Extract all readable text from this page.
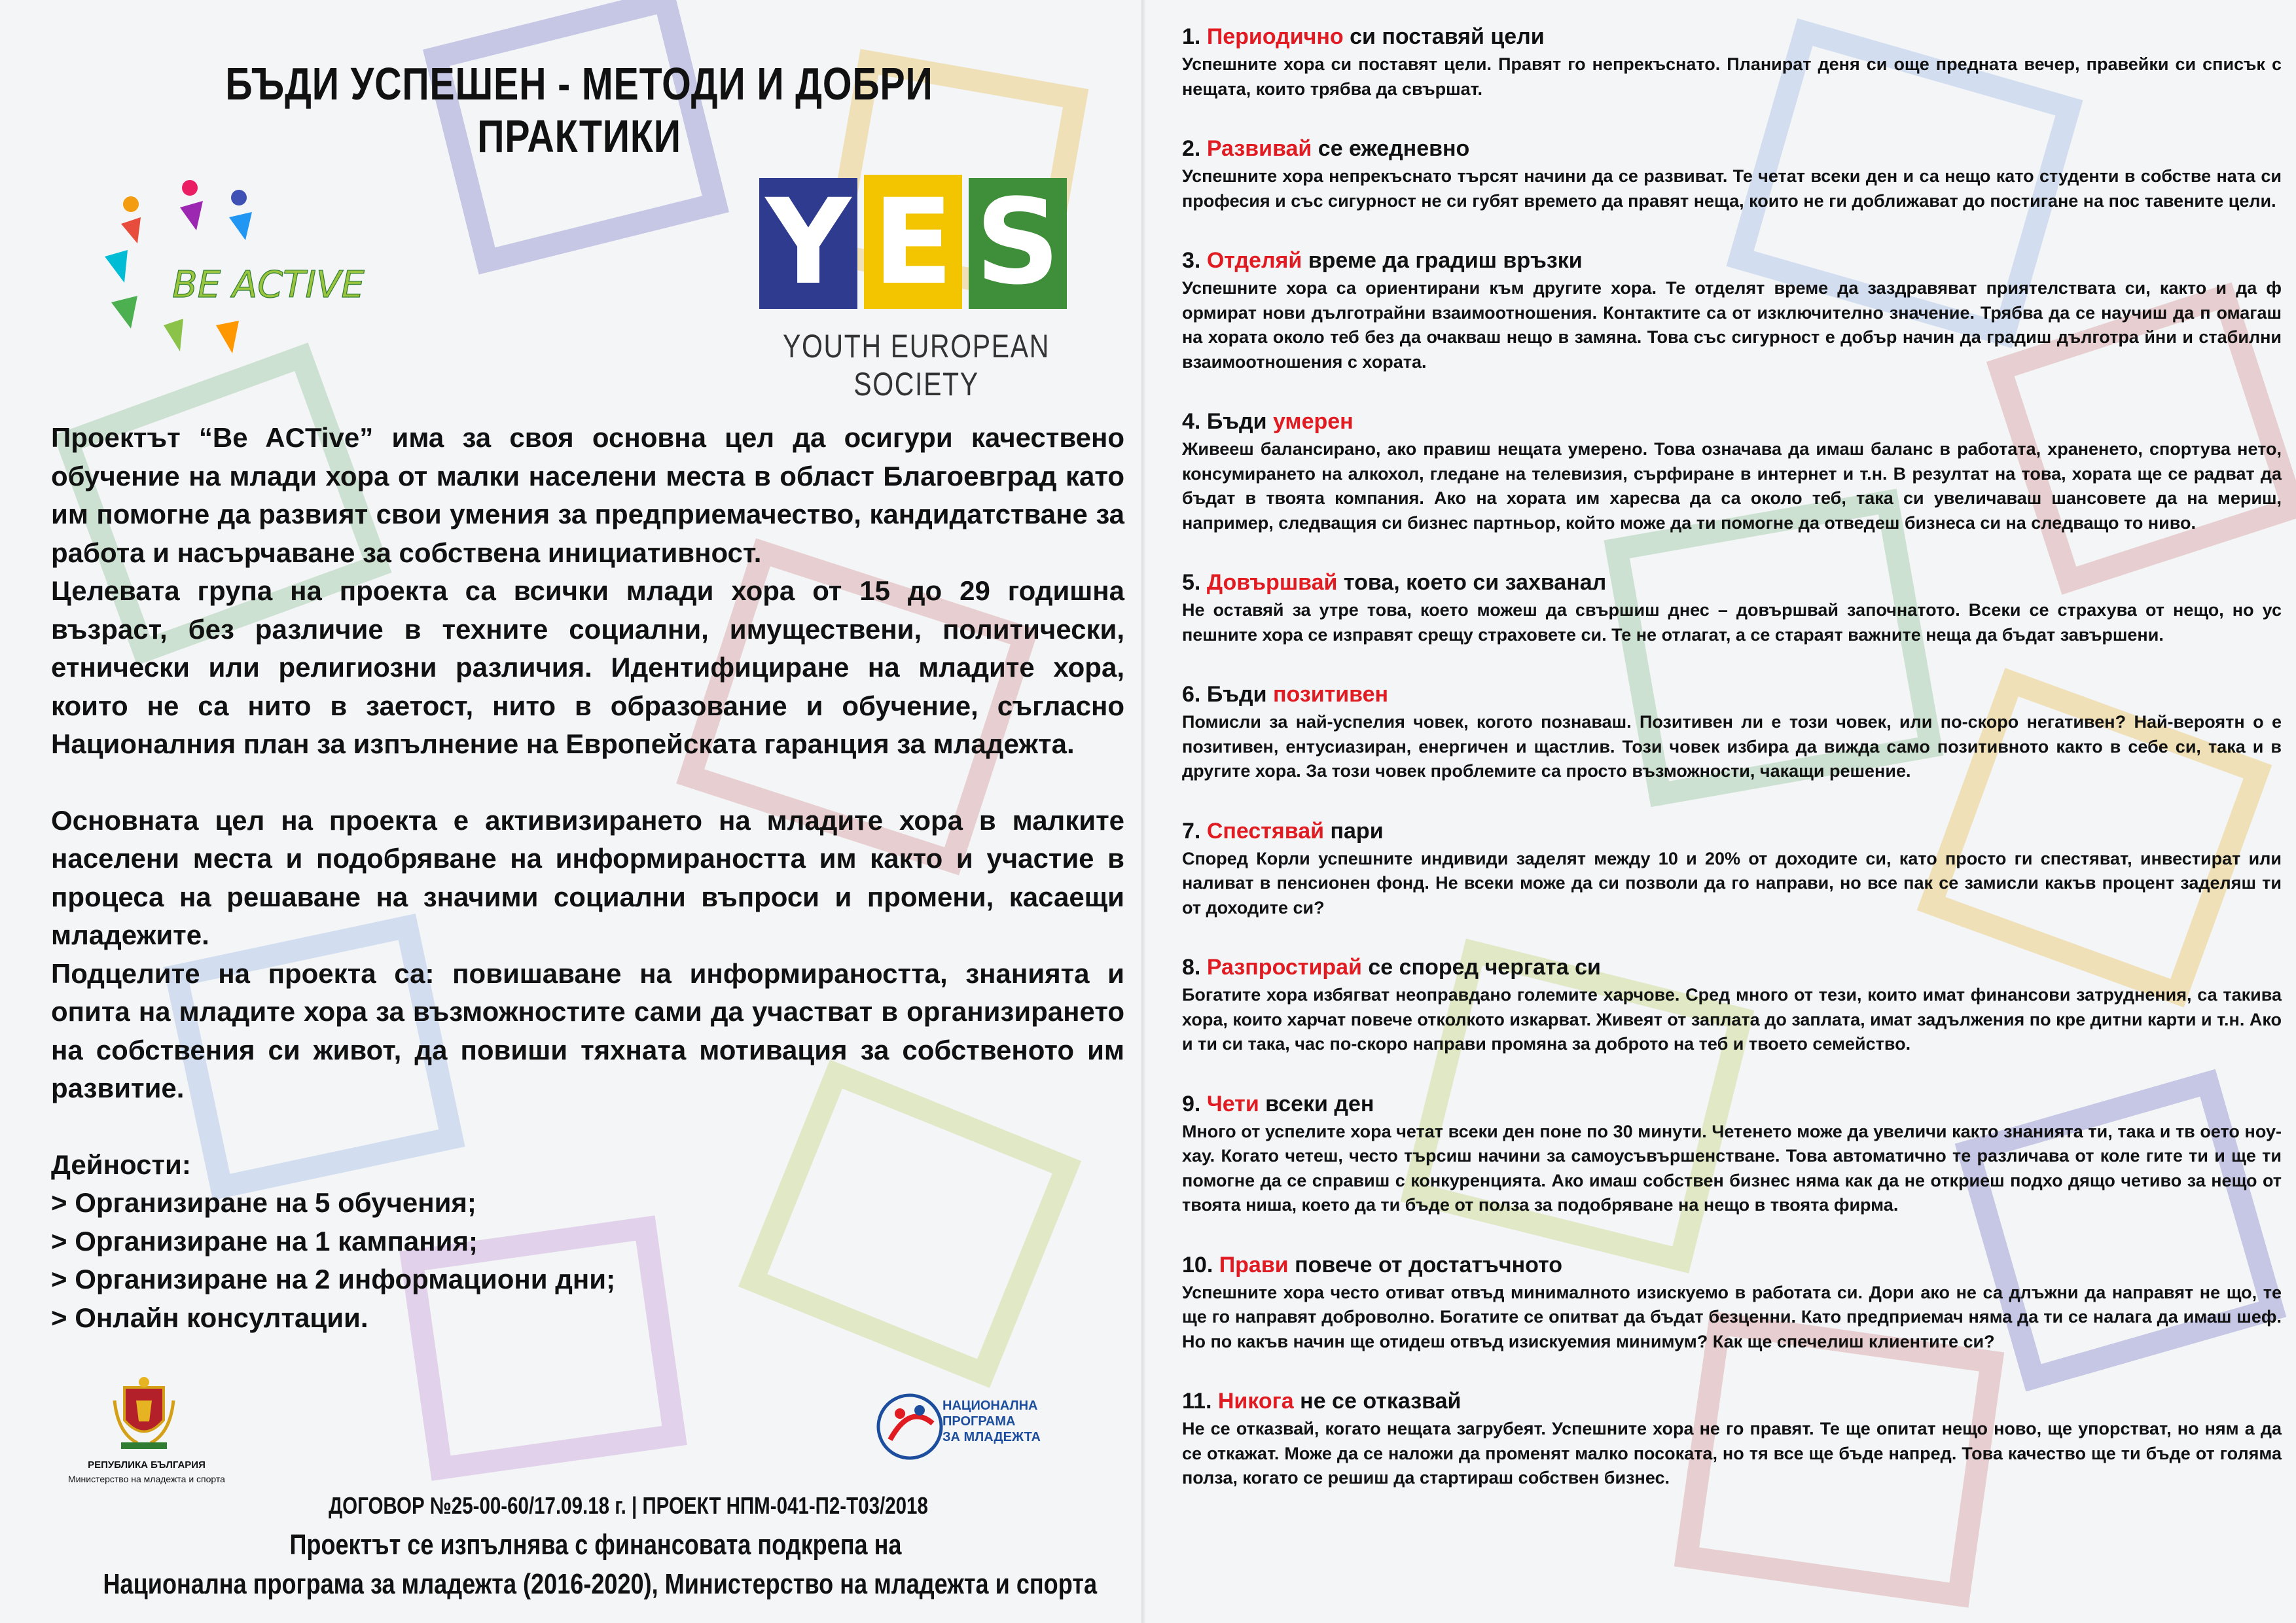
БЪДИ УСПЕШЕН - МЕТОДИ И ДОБРИ ПРАКТИКИ
BE ACTIVE	Y E S
YOUTH EUROPEAN SOCIETY

Проектът “Be ACTive” има за своя основна цел да осигури качествено обучение на млади хора от малки населени места в област Благоевград като им помогне да развият свои умения за предприемачество, кандидатстване за работа и насърчаване за собствена инициативност.

Целевата група на проекта са всички млади хора от 15 до 29 годишна възраст, без различие в техните социални, имуществени, политически, етнически или религиозни различия. Идентифициране на младите хора, които не са нито в заетост, нито в образование и обучение, съгласно Националния план за изпълнение на Европейската гаранция за младежта.

Основната цел на проекта е активизирането на младите хора в малките населени места и подобряване на информираността им както и участие в процеса на решаване на значими социални въпроси и промени, касаещи младежите.

Подцелите на проекта са: повишаване на информираността, знанията и опита на младите хора за възможностите сами да участват в организирането на собствения си живот, да повиши тяхната мотивация за собственото им развитие.

Дейности:

> Организиране на 5 обучения;

> Организиране на 1 кампания;

> Организиране на 2 информациони дни;

> Онлайн консултации.

РЕПУБЛИКА БЪЛГАРИЯ
Министерство на младежта и спорта
НАЦИОНАЛНА
ПРОГРАМА
ЗА МЛАДЕЖТА
ДОГОВОР №25-00-60/17.09.18 г. | ПРОЕКТ НПМ-041-П2-Т03/2018
Проектът се изпълнява с финансовата подкрепа на
Национална програма за младежта (2016-2020), Министерство на младежта и спорта
1. Периодично си поставяй цели
Успешните хора си поставят цели. Правят го непрекъснато. Планират деня си още предната вечер, правейки си списък с нещата, които трябва да свършат.
2. Развивай се ежедневно
Успешните хора непрекъснато търсят начини да се развиват. Те четат всеки ден и са нещо като студенти в собстве ната си професия и със сигурност не си губят времето да правят неща, които не ги доближават до постигане на пос тавените цели.
3. Отделяй време да градиш връзки
Успешните хора са ориентирани към другите хора. Те отделят време да заздравяват приятелствата си, както и да ф ормират нови дълготрайни взаимоотношения. Контактите са от изключително значение. Трябва да се научиш да п омагаш на хората около теб без да очакваш нещо в замяна. Това със сигурност е добър начин да градиш дълготра йни и стабилни взаимоотношения с хората.
4. Бъди умерен
Живееш балансирано, ако правиш нещата умерено. Това означава да имаш баланс в работата, храненето, спортува нето, консумирането на алкохол, гледане на телевизия, сърфиране в интернет и т.н. В резултат на това, хората ще се радват да бъдат в твоята компания. Ако на хората им харесва да са около теб, така си увеличаваш шансовете да на мериш, например, следващия си бизнес партньор, който може да ти помогне да отведеш бизнеса си на следващо то ниво.
5. Довършвай това, което си захванал
Не оставяй за утре това, което можеш да свършиш днес – довършвай започнатото. Всеки се страхува от нещо, но ус пешните хора се изправят срещу страховете си. Те не отлагат, а се стараят важните неща да бъдат завършени.
6. Бъди позитивен
Помисли за най-успелия човек, когото познаваш. Позитивен ли е този човек, или по-скоро негативен? Най-вероятн о е позитивен, ентусиазиран, енергичен и щастлив. Този човек избира да вижда само позитивното както в себе си, така и в другите хора. За този човек проблемите са просто възможности, чакащи решение.
7. Спестявай пари
Според Корли успешните индивиди заделят между 10 и 20% от доходите си, като просто ги спестяват, инвестират или наливат в пенсионен фонд. Не всеки може да си позволи да го направи, но все пак се замисли какъв процент заделяш ти от доходите си?
8. Разпростирай се според чергата си
Богатите хора избягват неоправдано големите харчове. Сред много от тези, които имат финансови затруднения, са такива хора, които харчат повече отколкото изкарват. Живеят от заплата до заплата, имат задължения по кре дитни карти и т.н. Ако и ти си така, час по-скоро направи промяна за доброто на теб и твоето семейство.
9. Чети всеки ден
Много от успелите хора четат всеки ден поне по 30 минути. Четенето може да увеличи както знанията ти, така и тв оето ноу-хау. Когато четеш, често търсиш начини за самоусъвършенстване. Това автоматично те различава от коле гите ти и ще ти помогне да се справиш с конкуренцията. Ако имаш собствен бизнес няма как да не откриеш подхо дящо четиво за нещо от твоята ниша, което да ти бъде от полза за подобряване на нещо в твоята фирма.
10. Прави повече от достатъчното
Успешните хора често отиват отвъд минималното изискуемо в работата си. Дори ако не са длъжни да направят не що, те ще го направят доброволно. Богатите се опитват да бъдат безценни. Като предприемач няма да ти се налага да имаш шеф. Но по какъв начин ще отидеш отвъд изискуемия минимум? Как ще спечелиш клиентите си?
11. Никога не се отказвай
Не се отказвай, когато нещата загрубеят. Успешните хора не го правят. Те ще опитат нещо ново, ще упорстват, но ням а да се откажат. Може да се наложи да променят малко посоката, но тя все ще бъде напред. Това качество ще ти бъде от голяма полза, когато се решиш да стартираш собствен бизнес.
